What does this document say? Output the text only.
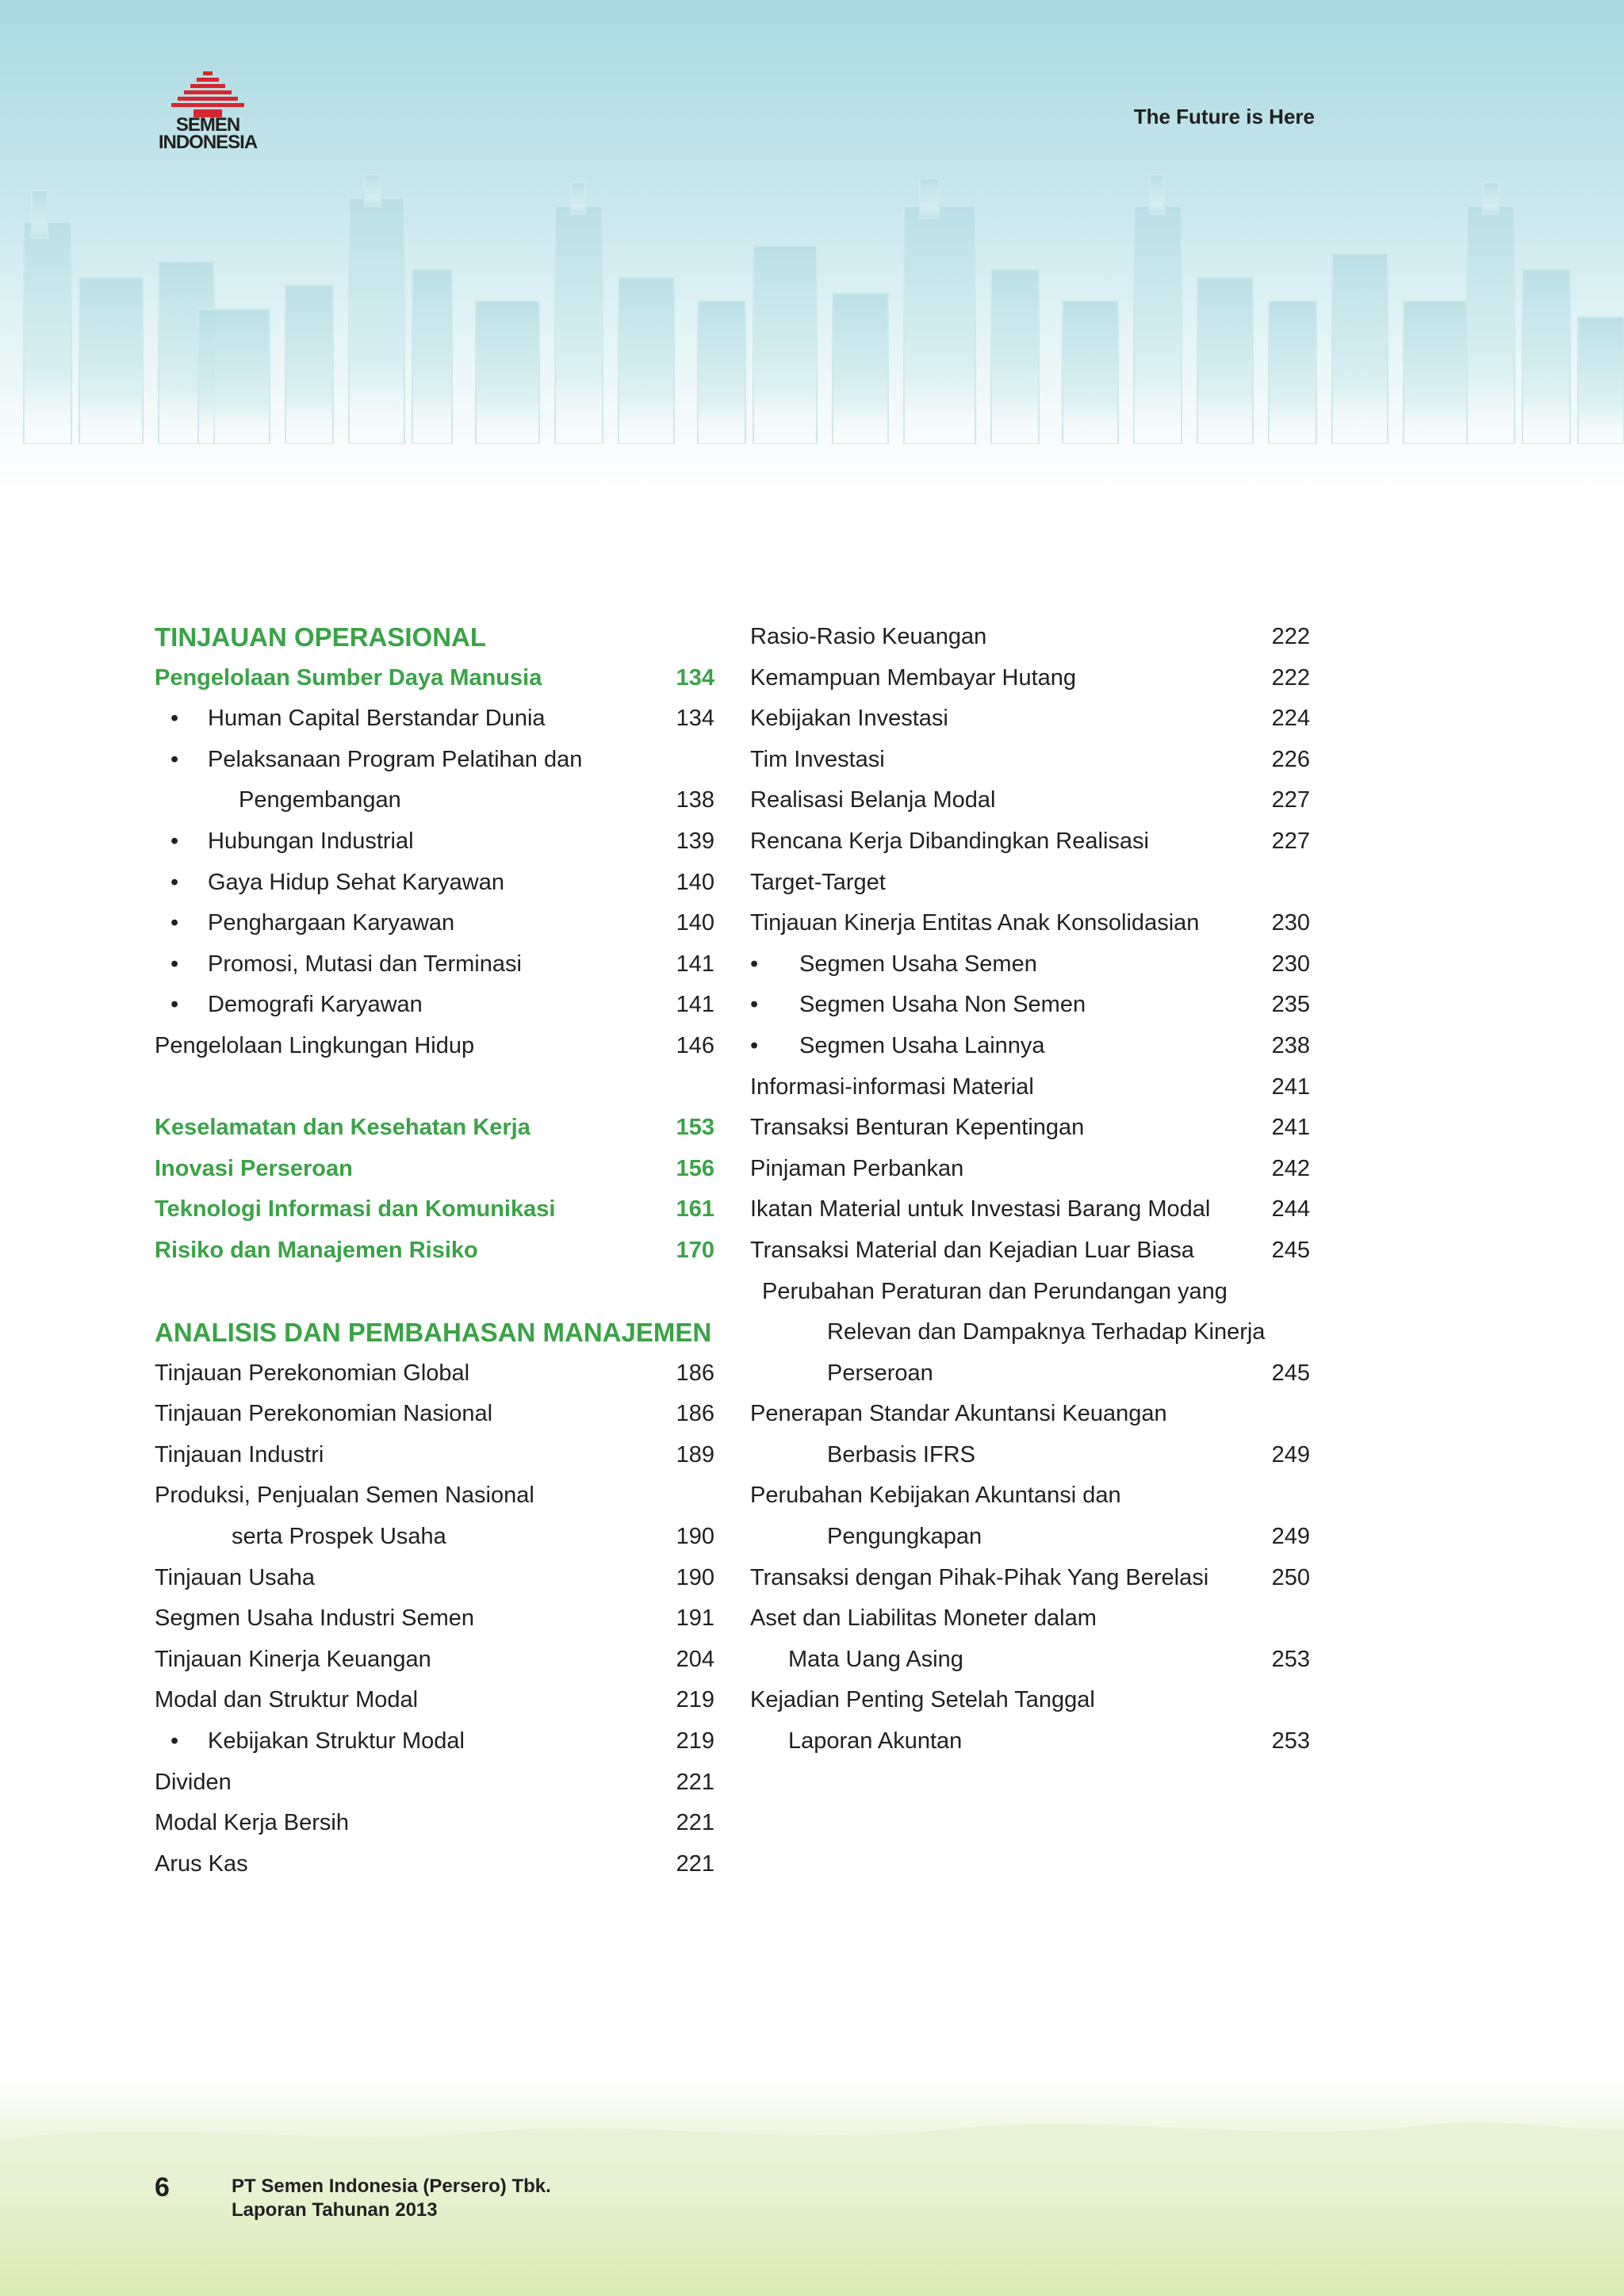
SEMEN
INDONESIA
The Future is Here
TINJAUAN OPERASIONAL
Pengelolaan Sumber Daya Manusia	134
• Human Capital Berstandar Dunia	134
• Pelaksanaan Program Pelatihan dan
Pengembangan	138
• Hubungan Industrial	139
• Gaya Hidup Sehat Karyawan	140
• Penghargaan Karyawan	140
• Promosi, Mutasi dan Terminasi	141
• Demografi Karyawan	141
Pengelolaan Lingkungan Hidup	146
Keselamatan dan Kesehatan Kerja	153
Inovasi Perseroan	156
Teknologi Informasi dan Komunikasi	161
Risiko dan Manajemen Risiko	170
ANALISIS DAN PEMBAHASAN MANAJEMEN
Tinjauan Perekonomian Global	186
Tinjauan Perekonomian Nasional	186
Tinjauan Industri	189
Produksi, Penjualan Semen Nasional
serta Prospek Usaha	190
Tinjauan Usaha	190
Segmen Usaha Industri Semen	191
Tinjauan Kinerja Keuangan	204
Modal dan Struktur Modal	219
• Kebijakan Struktur Modal	219
Dividen	221
Modal Kerja Bersih	221
Arus Kas	221
Rasio-Rasio Keuangan	222
Kemampuan Membayar Hutang	222
Kebijakan Investasi	224
Tim Investasi	226
Realisasi Belanja Modal	227
Rencana Kerja Dibandingkan Realisasi	227
Target-Target
Tinjauan Kinerja Entitas Anak Konsolidasian	230
• Segmen Usaha Semen	230
• Segmen Usaha Non Semen	235
• Segmen Usaha Lainnya	238
Informasi-informasi Material	241
Transaksi Benturan Kepentingan	241
Pinjaman Perbankan	242
Ikatan Material untuk Investasi Barang Modal	244
Transaksi Material dan Kejadian Luar Biasa	245
Perubahan Peraturan dan Perundangan yang
Relevan dan Dampaknya Terhadap Kinerja
Perseroan	245
Penerapan Standar Akuntansi Keuangan
Berbasis IFRS	249
Perubahan Kebijakan Akuntansi dan
Pengungkapan	249
Transaksi dengan Pihak-Pihak Yang Berelasi	250
Aset dan Liabilitas Moneter dalam
Mata Uang Asing	253
Kejadian Penting Setelah Tanggal
Laporan Akuntan	253
6	PT Semen Indonesia (Persero) Tbk.
Laporan Tahunan 2013
